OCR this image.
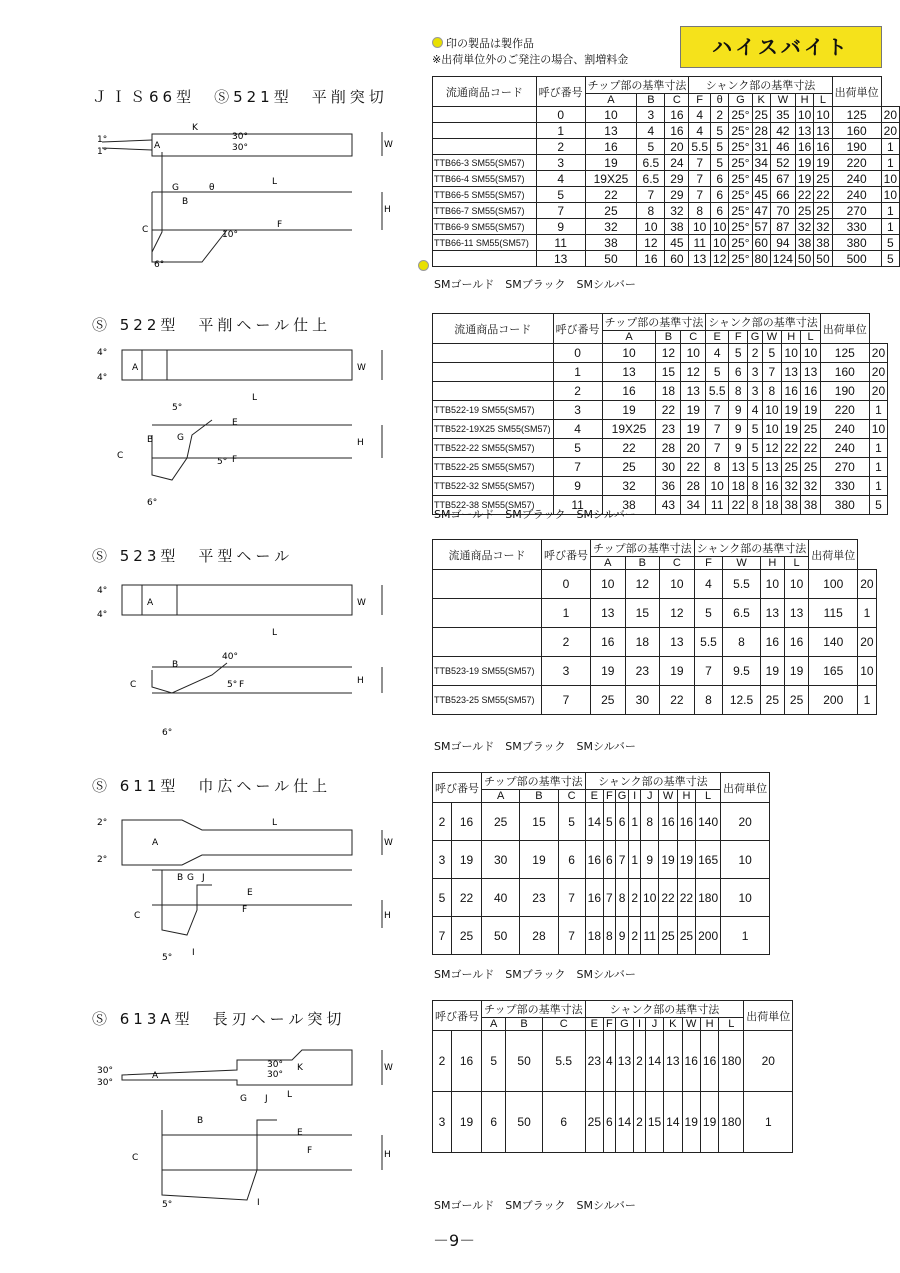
印の製品は製作品
※出荷単位外のご発注の場合、割増料金
ハイスバイト
ＪＩＳ66型　Ⓢ521型　平削突切
1°
1°
K
30°
30°
L
W
H
G	θ
B
A
C	F
10°
6°
流通商品コード	呼び番号	チップ部の基準寸法			シャンク部の基準寸法							出荷単位	
		A	B	C	F	θ	G	K	W	H	L		
	0	10	3	16	4	2	25°	25	35	10	10	125	20
	1	13	4	16	4	5	25°	28	42	13	13	160	20
	2	16	5	20	5.5	5	25°	31	46	16	16	190	1
TTB66-3 SM55(SM57)	3	19	6.5	24	7	5	25°	34	52	19	19	220	1
TTB66-4 SM55(SM57)	4	19X25	6.5	29	7	6	25°	45	67	19	25	240	10
TTB66-5 SM55(SM57)	5	22	7	29	7	6	25°	45	66	22	22	240	10
TTB66-7 SM55(SM57)	7	25	8	32	8	6	25°	47	70	25	25	270	1
TTB66-9 SM55(SM57)	9	32	10	38	10	10	25°	57	87	32	32	330	1
TTB66-11 SM55(SM57)	11	38	12	45	11	10	25°	60	94	38	38	380	5
	13	50	16	60	13	12	25°	80	124	50	50	500	5
SMゴールド　SMブラック　SMシルバー
Ⓢ 522型　平削ヘール仕上
4°
4°
A
L
W
H
5°
E
B	G
C
5° F
6°
流通商品コード	呼び番号	チップ部の基準寸法			シャンク部の基準寸法						出荷単位	
		A	B	C	E	F	G	W	H	L		
	0	10	12	10	4	5	2	5	10	10	125	20
	1	13	15	12	5	6	3	7	13	13	160	20
	2	16	18	13	5.5	8	3	8	16	16	190	20
TTB522-19 SM55(SM57)	3	19	22	19	7	9	4	10	19	19	220	1
TTB522-19X25 SM55(SM57)	4	19X25	23	19	7	9	5	10	19	25	240	10
TTB522-22 SM55(SM57)	5	22	28	20	7	9	5	12	22	22	240	1
TTB522-25 SM55(SM57)	7	25	30	22	8	13	5	13	25	25	270	1
TTB522-32 SM55(SM57)	9	32	36	28	10	18	8	16	32	32	330	1
TTB522-38 SM55(SM57)	11	38	43	34	11	22	8	18	38	38	380	5
SMゴールド　SMブラック　SMシルバー
Ⓢ 523型　平型ヘール
4°
4°
A
L
W
H
B
40°
C	5° F
6°
流通商品コード	呼び番号	チップ部の基準寸法			シャンク部の基準寸法				出荷単位	
		A	B	C	F	W	H	L		
	0	10	12	10	4	5.5	10	10	100	20
	1	13	15	12	5	6.5	13	13	115	1
	2	16	18	13	5.5	8	16	16	140	20
TTB523-19 SM55(SM57)	3	19	23	19	7	9.5	19	19	165	10
TTB523-25 SM55(SM57)	7	25	30	22	8	12.5	25	25	200	1
SMゴールド　SMブラック　SMシルバー
Ⓢ 611型　巾広ヘール仕上
2°
2°
A
L
W
H
G J
B
E
F
C
I
5°
呼び番号		チップ部の基準寸法			シャンク部の基準寸法								出荷単位
		A	B	C	E	F	G	I	J	W	H	L	
2	16	25	15	5	14	5	6	1	8	16	16	140	20
3	19	30	19	6	16	6	7	1	9	19	19	165	10
5	22	40	23	7	16	7	8	2	10	22	22	180	10
7	25	50	28	7	18	8	9	2	11	25	25	200	1
SMゴールド　SMブラック　SMシルバー
Ⓢ 613A型　長刃ヘール突切
30°
30°
A
30°
30°
K
L
W
H
B
G J
E
F
C
I
5°
呼び番号		チップ部の基準寸法			シャンク部の基準寸法									出荷単位
		A	B	C	E	F	G	I	J	K	W	H	L	
2	16	5	50	5.5	23	4	13	2	14	13	16	16	180	20
3	19	6	50	6	25	6	14	2	15	14	19	19	180	1
SMゴールド　SMブラック　SMシルバー
－9－
